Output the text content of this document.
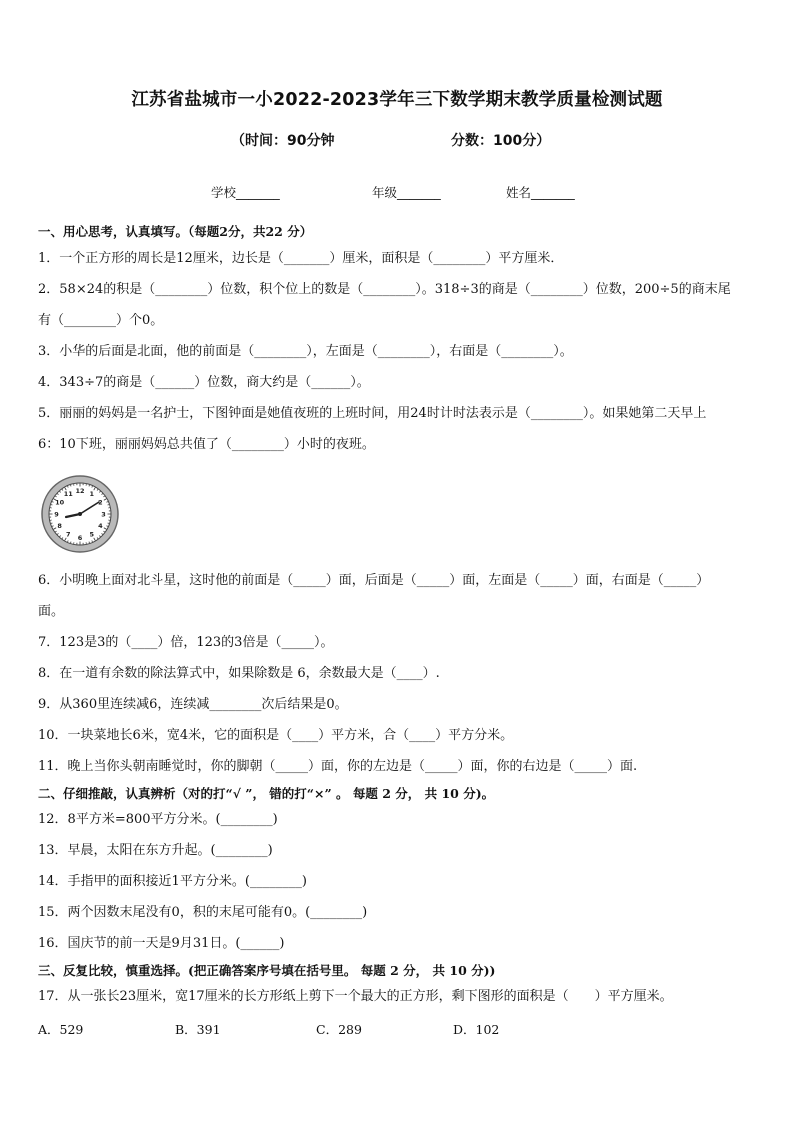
江苏省盐城市一小2022-2023学年三下数学期末教学质量检测试题
（时间：90分钟	分数：100分）
学校_______	年级_______	姓名_______
一、用心思考，认真填写。（每题2分，共22 分）
1．一个正方形的周长是12厘米，边长是（_______）厘米，面积是（________）平方厘米．
2．58×24的积是（________）位数，积个位上的数是（________）。318÷3的商是（________）位数，200÷5的商末尾
有（________）个0。
3．小华的后面是北面，他的前面是（________），左面是（________），右面是（________）。
4．343÷7的商是（______）位数，商大约是（______）。
5．丽丽的妈妈是一名护士，下图钟面是她值夜班的上班时间，用24时计时法表示是（________）。如果她第二天早上
6：10下班，丽丽妈妈总共值了（________）小时的夜班。
12 1
2
3
4
5
6
7
8
9
10
11
6．小明晚上面对北斗星，这时他的前面是（_____）面，后面是（_____）面，左面是（_____）面，右面是（_____）
面。
7．123是3的（____）倍，123的3倍是（_____）。
8．在一道有余数的除法算式中，如果除数是 6，余数最大是（____）.
9．从360里连续减6，连续减________次后结果是0。
10．一块菜地长6米，宽4米，它的面积是（____）平方米，合（____）平方分米。
11．晚上当你头朝南睡觉时，你的脚朝（_____）面，你的左边是（_____）面，你的右边是（_____）面.
二、仔细推敲，认真辨析（对的打“√ ”， 错的打“×” 。 每题 2 分， 共 10 分)。
12．8平方米=800平方分米。(________)
13．早晨，太阳在东方升起。(________)
14．手指甲的面积接近1平方分米。(________)
15．两个因数末尾没有0，积的末尾可能有0。(________)
16．国庆节的前一天是9月31日。(______)
三、反复比较，慎重选择。(把正确答案序号填在括号里。 每题 2 分， 共 10 分))
17．从一张长23厘米，宽17厘米的长方形纸上剪下一个最大的正方形，剩下图形的面积是（　　）平方厘米。
A．529	B．391	C．289	D．102
